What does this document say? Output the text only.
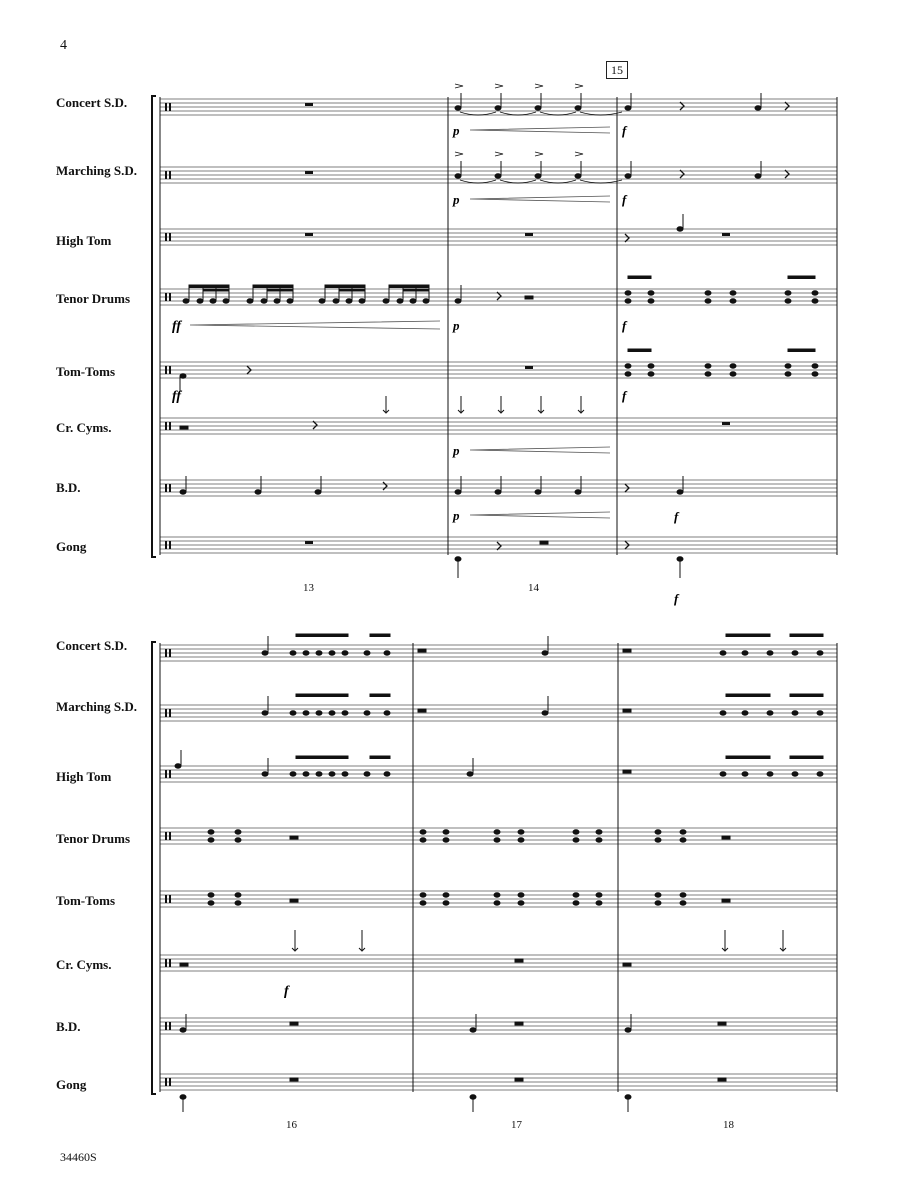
4
15
Concert S.D.
Marching S.D.
High Tom
Tenor Drums
Tom-Toms
Cr. Cyms.
B.D.
Gong
Concert S.D.
Marching S.D.
High Tom
Tenor Drums
Tom-Toms
Cr. Cyms.
B.D.
Gong
13	14
16	17	18
34460S
ff
ff
p
p
p
p
p
f
f
f
f
f
f
f
